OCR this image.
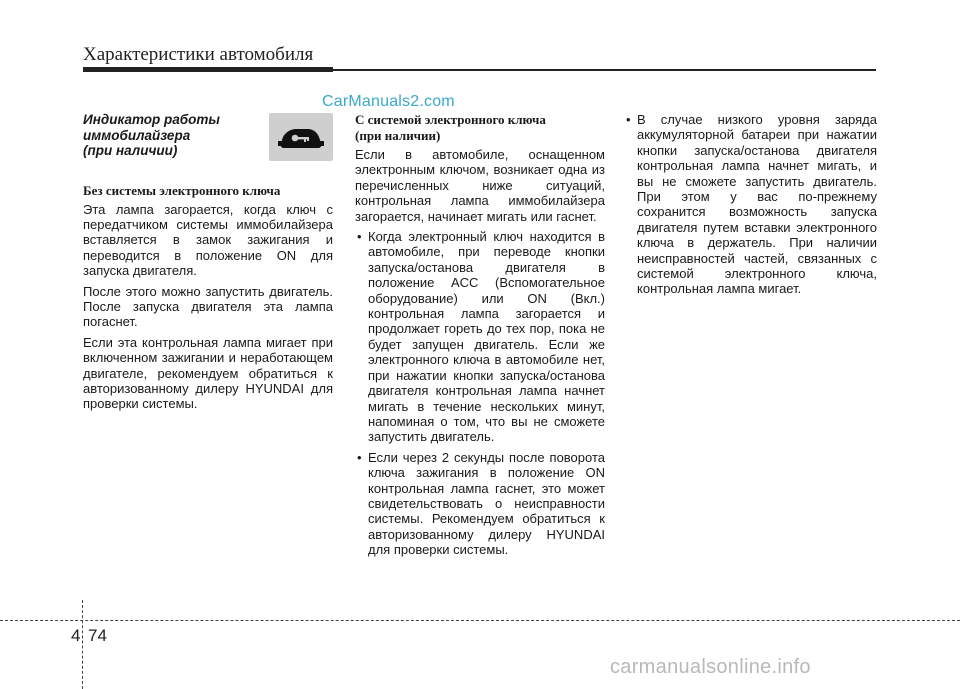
Характеристики автомобиля
CarManuals2.com
Индикатор работы
иммобилайзера
(при наличии)
Без системы электронного ключа

Эта лампа загорается, когда ключ с передатчиком системы иммобилайзера вставляется в замок зажигания и переводится в положение ON для запуска двигателя.

После этого можно запустить двигатель. После запуска двигателя эта лампа погаснет.

Если эта контрольная лампа мигает при включенном зажигании и неработающем двигателе, рекомендуем обратиться к авторизованному дилеру HYUNDAI для проверки системы.

С системой электронного ключа
(при наличии)

Если в автомобиле, оснащенном электронным ключом, возникает одна из перечисленных ниже ситуаций, контрольная лампа иммобилайзера загорается, начинает мигать или гаснет.

• Когда электронный ключ находится в автомобиле, при переводе кнопки запуска/останова двигателя в положение ACC (Вспомогательное оборудование) или ON (Вкл.) контрольная лампа загорается и продолжает гореть до тех пор, пока не будет запущен двигатель. Если же электронного ключа в автомобиле нет, при нажатии кнопки запуска/останова двигателя контрольная лампа начнет мигать в течение нескольких минут, напоминая о том, что вы не сможете запустить двигатель.

• Если через 2 секунды после поворота ключа зажигания в положение ON контрольная лампа гаснет, это может свидетельствовать о неисправности системы. Рекомендуем обратиться к авторизованному дилеру HYUNDAI для проверки системы.

• В случае низкого уровня заряда аккумуляторной батареи при нажатии кнопки запуска/останова двигателя контрольная лампа начнет мигать, и вы не сможете запустить двигатель. При этом у вас по-прежнему сохранится возможность запуска двигателя путем вставки электронного ключа в держатель. При наличии неисправностей частей, связанных с системой электронного ключа, контрольная лампа мигает.

4 74
carmanualsonline.info
